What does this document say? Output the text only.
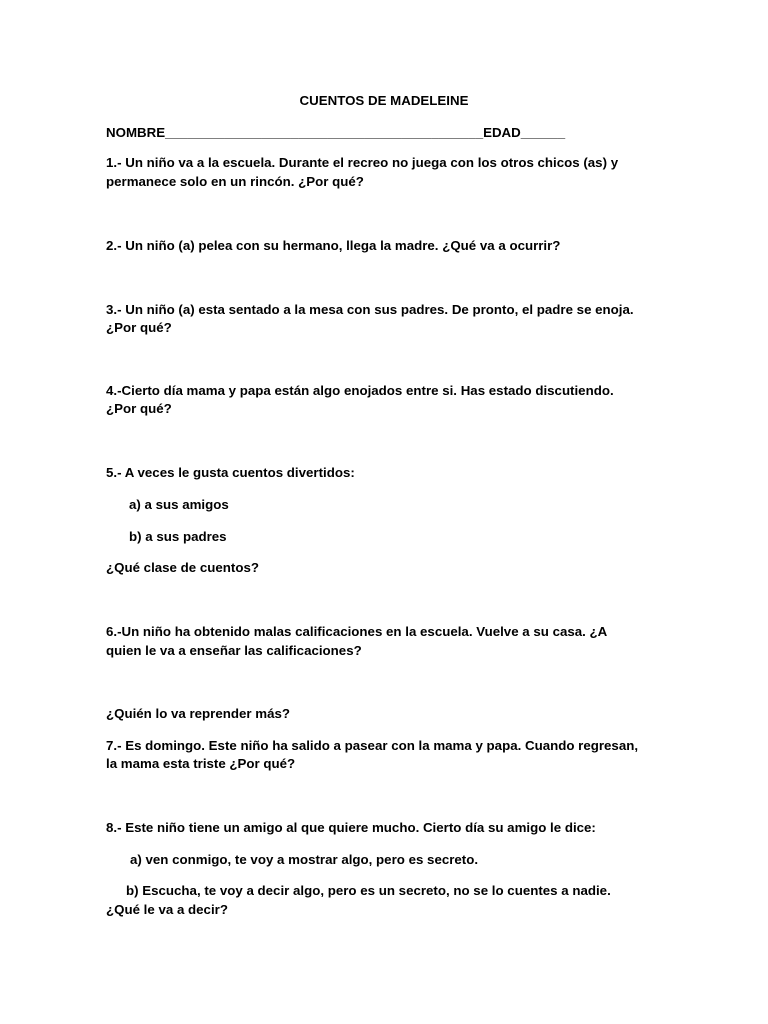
CUENTOS DE MADELEINE
NOMBRE___________________________________________EDAD______
1.- Un niño va a la escuela. Durante el recreo no juega con los otros chicos (as) y
permanece solo en un rincón. ¿Por qué?
2.- Un niño (a) pelea con su hermano, llega la madre. ¿Qué va a ocurrir?
3.- Un niño (a) esta sentado a la mesa con sus padres. De pronto, el padre se enoja.
¿Por qué?
4.-Cierto día mama y papa están algo enojados entre si. Has estado discutiendo.
¿Por qué?
5.- A veces le gusta cuentos divertidos:
a) a sus amigos
b) a sus padres
¿Qué clase de cuentos?
6.-Un niño ha obtenido malas calificaciones en la escuela. Vuelve a su casa. ¿A
quien le va a enseñar las calificaciones?
¿Quién lo va reprender más?
7.- Es domingo. Este niño ha salido a pasear con la mama y papa. Cuando regresan,
la mama esta triste ¿Por qué?
8.- Este niño tiene un amigo al que quiere mucho. Cierto día su amigo le dice:
a) ven conmigo, te voy a mostrar algo, pero es secreto.
b) Escucha, te voy a decir algo, pero es un secreto, no se lo cuentes a nadie.
¿Qué le va a decir?
